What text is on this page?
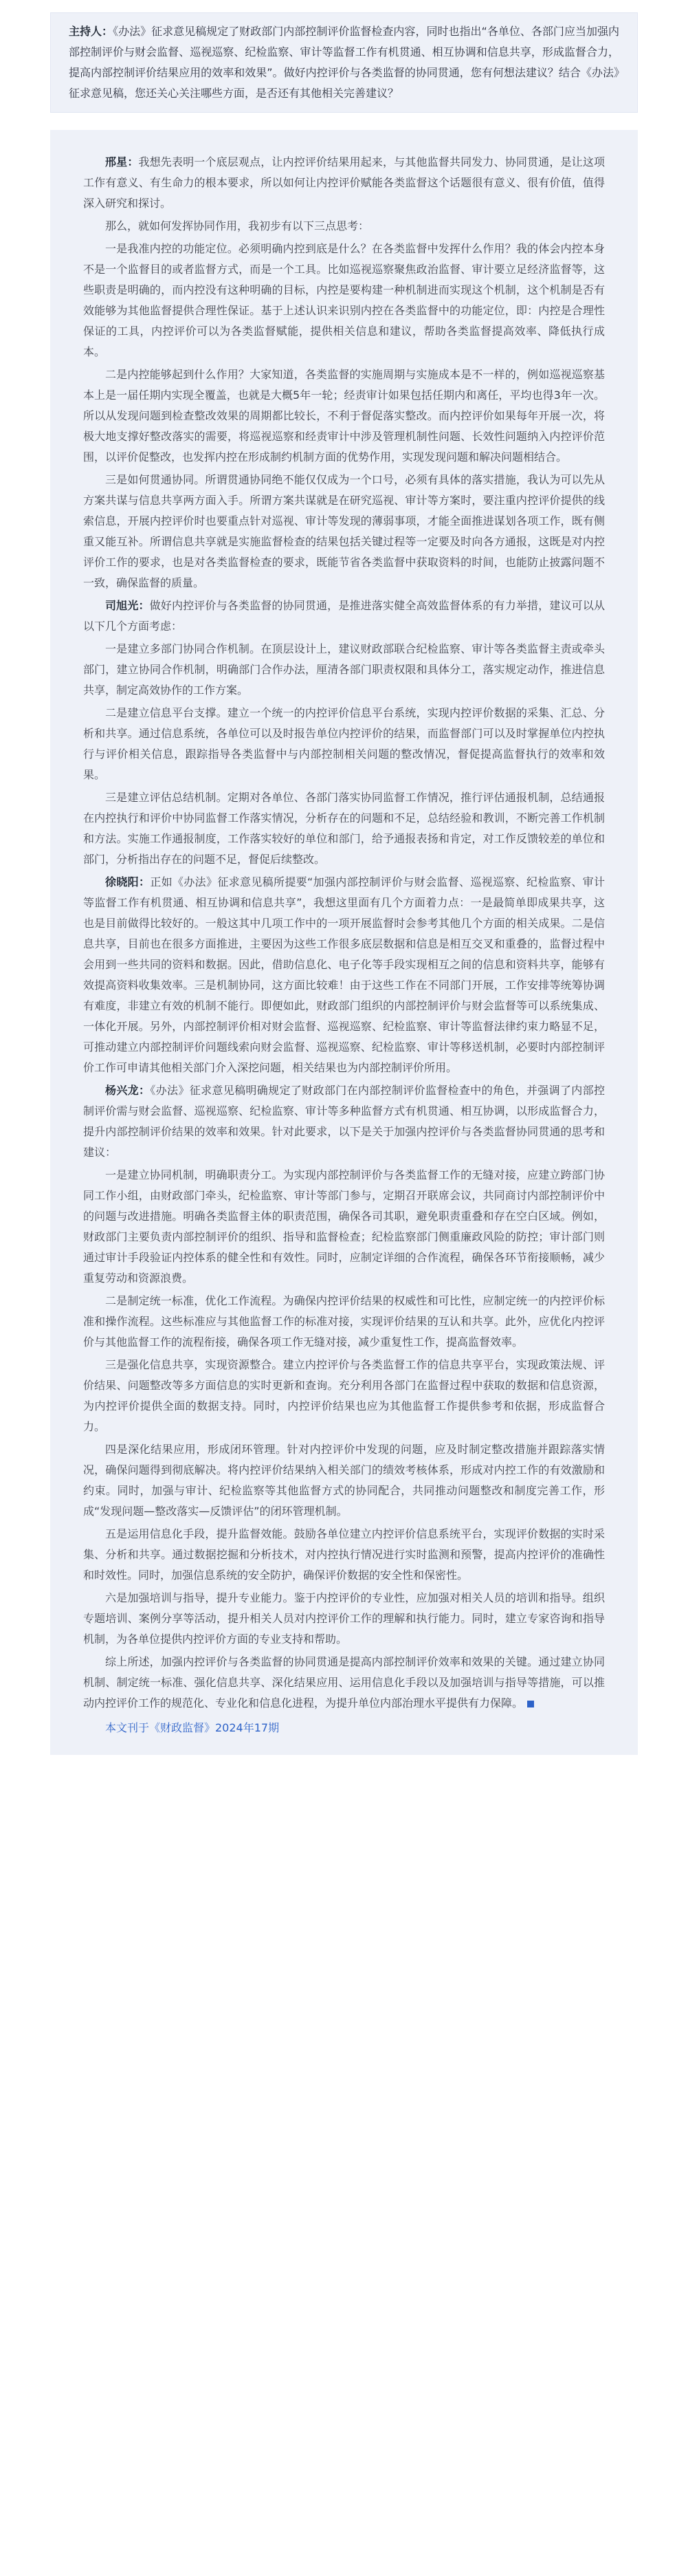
主持人：《办法》征求意见稿规定了财政部门内部控制评价监督检查内容，同时也指出“各单位、各部门应当加强内部控制评价与财会监督、巡视巡察、纪检监察、审计等监督工作有机贯通、相互协调和信息共享，形成监督合力，提高内部控制评价结果应用的效率和效果”。做好内控评价与各类监督的协同贯通，您有何想法建议？结合《办法》征求意见稿，您还关心关注哪些方面，是否还有其他相关完善建议？

邢星：我想先表明一个底层观点，让内控评价结果用起来，与其他监督共同发力、协同贯通，是让这项工作有意义、有生命力的根本要求，所以如何让内控评价赋能各类监督这个话题很有意义、很有价值，值得深入研究和探讨。

那么，就如何发挥协同作用，我初步有以下三点思考：

一是我准内控的功能定位。必须明确内控到底是什么？在各类监督中发挥什么作用？我的体会内控本身不是一个监督目的或者监督方式，而是一个工具。比如巡视巡察聚焦政治监督、审计要立足经济监督等，这些职责是明确的，而内控没有这种明确的目标，内控是要构建一种机制进而实现这个机制，这个机制是否有效能够为其他监督提供合理性保证。基于上述认识来识别内控在各类监督中的功能定位，即：内控是合理性保证的工具，内控评价可以为各类监督赋能，提供相关信息和建议，帮助各类监督提高效率、降低执行成本。

二是内控能够起到什么作用？大家知道，各类监督的实施周期与实施成本是不一样的，例如巡视巡察基本上是一届任期内实现全覆盖，也就是大概5年一轮；经责审计如果包括任期内和离任，平均也得3年一次。所以从发现问题到检查整改效果的周期都比较长，不利于督促落实整改。而内控评价如果每年开展一次，将极大地支撑好整改落实的需要，将巡视巡察和经责审计中涉及管理机制性问题、长效性问题纳入内控评价范围，以评价促整改，也发挥内控在形成制约机制方面的优势作用，实现发现问题和解决问题相结合。

三是如何贯通协同。所谓贯通协同绝不能仅仅成为一个口号，必须有具体的落实措施，我认为可以先从方案共谋与信息共享两方面入手。所谓方案共谋就是在研究巡视、审计等方案时，要注重内控评价提供的线索信息，开展内控评价时也要重点针对巡视、审计等发现的薄弱事项，才能全面推进谋划各项工作，既有侧重又能互补。所谓信息共享就是实施监督检查的结果包括关键过程等一定要及时向各方通报，这既是对内控评价工作的要求，也是对各类监督检查的要求，既能节省各类监督中获取资料的时间，也能防止披露问题不一致，确保监督的质量。

司旭光：做好内控评价与各类监督的协同贯通，是推进落实健全高效监督体系的有力举措，建议可以从以下几个方面考虑：

一是建立多部门协同合作机制。在顶层设计上，建议财政部联合纪检监察、审计等各类监督主责或牵头部门，建立协同合作机制，明确部门合作办法，厘清各部门职责权限和具体分工，落实规定动作，推进信息共享，制定高效协作的工作方案。

二是建立信息平台支撑。建立一个统一的内控评价信息平台系统，实现内控评价数据的采集、汇总、分析和共享。通过信息系统，各单位可以及时报告单位内控评价的结果，而监督部门可以及时掌握单位内控执行与评价相关信息，跟踪指导各类监督中与内部控制相关问题的整改情况，督促提高监督执行的效率和效果。

三是建立评估总结机制。定期对各单位、各部门落实协同监督工作情况，推行评估通报机制，总结通报在内控执行和评价中协同监督工作落实情况，分析存在的问题和不足，总结经验和教训，不断完善工作机制和方法。实施工作通报制度，工作落实较好的单位和部门，给予通报表扬和肯定，对工作反馈较差的单位和部门，分析指出存在的问题不足，督促后续整改。

徐晓阳：正如《办法》征求意见稿所提要“加强内部控制评价与财会监督、巡视巡察、纪检监察、审计等监督工作有机贯通、相互协调和信息共享”，我想这里面有几个方面着力点：一是最简单即成果共享，这也是目前做得比较好的。一般这其中几项工作中的一项开展监督时会参考其他几个方面的相关成果。二是信息共享，目前也在很多方面推进，主要因为这些工作很多底层数据和信息是相互交叉和重叠的，监督过程中会用到一些共同的资料和数据。因此，借助信息化、电子化等手段实现相互之间的信息和资料共享，能够有效提高资料收集效率。三是机制协同，这方面比较难！由于这些工作在不同部门开展，工作安排等统筹协调有难度，非建立有效的机制不能行。即便如此，财政部门组织的内部控制评价与财会监督等可以系统集成、一体化开展。另外，内部控制评价相对财会监督、巡视巡察、纪检监察、审计等监督法律约束力略显不足，可推动建立内部控制评价问题线索向财会监督、巡视巡察、纪检监察、审计等移送机制，必要时内部控制评价工作可申请其他相关部门介入深挖问题，相关结果也为内部控制评价所用。

杨兴龙：《办法》征求意见稿明确规定了财政部门在内部控制评价监督检查中的角色，并强调了内部控制评价需与财会监督、巡视巡察、纪检监察、审计等多种监督方式有机贯通、相互协调，以形成监督合力，提升内部控制评价结果的效率和效果。针对此要求，以下是关于加强内控评价与各类监督协同贯通的思考和建议：

一是建立协同机制，明确职责分工。为实现内部控制评价与各类监督工作的无缝对接，应建立跨部门协同工作小组，由财政部门牵头，纪检监察、审计等部门参与，定期召开联席会议，共同商讨内部控制评价中的问题与改进措施。明确各类监督主体的职责范围，确保各司其职，避免职责重叠和存在空白区域。例如，财政部门主要负责内部控制评价的组织、指导和监督检查；纪检监察部门侧重廉政风险的防控；审计部门则通过审计手段验证内控体系的健全性和有效性。同时，应制定详细的合作流程，确保各环节衔接顺畅，减少重复劳动和资源浪费。

二是制定统一标准，优化工作流程。为确保内控评价结果的权威性和可比性，应制定统一的内控评价标准和操作流程。这些标准应与其他监督工作的标准对接，实现评价结果的互认和共享。此外，应优化内控评价与其他监督工作的流程衔接，确保各项工作无缝对接，减少重复性工作，提高监督效率。

三是强化信息共享，实现资源整合。建立内控评价与各类监督工作的信息共享平台，实现政策法规、评价结果、问题整改等多方面信息的实时更新和查询。充分利用各部门在监督过程中获取的数据和信息资源，为内控评价提供全面的数据支持。同时，内控评价结果也应为其他监督工作提供参考和依据，形成监督合力。

四是深化结果应用，形成闭环管理。针对内控评价中发现的问题，应及时制定整改措施并跟踪落实情况，确保问题得到彻底解决。将内控评价结果纳入相关部门的绩效考核体系，形成对内控工作的有效激励和约束。同时，加强与审计、纪检监察等其他监督方式的协同配合，共同推动问题整改和制度完善工作，形成“发现问题—整改落实—反馈评估”的闭环管理机制。

五是运用信息化手段，提升监督效能。鼓励各单位建立内控评价信息系统平台，实现评价数据的实时采集、分析和共享。通过数据挖掘和分析技术，对内控执行情况进行实时监测和预警，提高内控评价的准确性和时效性。同时，加强信息系统的安全防护，确保评价数据的安全性和保密性。

六是加强培训与指导，提升专业能力。鉴于内控评价的专业性，应加强对相关人员的培训和指导。组织专题培训、案例分享等活动，提升相关人员对内控评价工作的理解和执行能力。同时，建立专家咨询和指导机制，为各单位提供内控评价方面的专业支持和帮助。

综上所述，加强内控评价与各类监督的协同贯通是提高内部控制评价效率和效果的关键。通过建立协同机制、制定统一标准、强化信息共享、深化结果应用、运用信息化手段以及加强培训与指导等措施，可以推动内控评价工作的规范化、专业化和信息化进程，为提升单位内部治理水平提供有力保障。

本文刊于《财政监督》2024年17期
